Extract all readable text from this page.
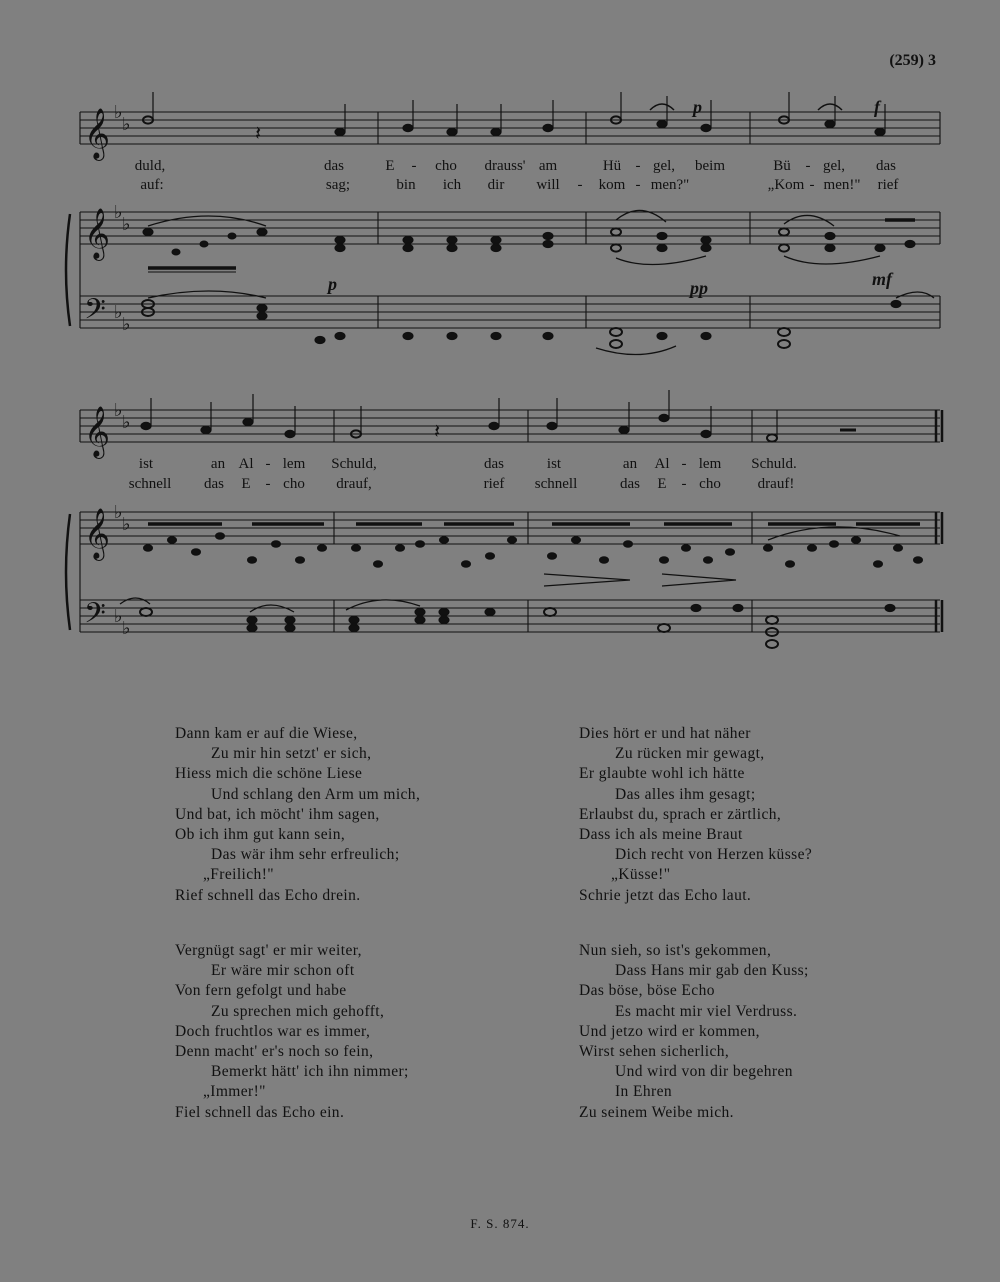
(259) 3
𝄞
𝄞
𝄢
♭
♭
♭
♭
♭
♭
𝄽
𝄞
𝄞
𝄢
♭
♭
♭
♭
♭
♭
𝄽
p	f
p	pp	mf
duld,	das	E - cho drauss' am	Hü - gel, beim	Bü - gel, das
auf:	sag;	bin ich dir will - kom - men?"	„Kom - men!" rief
ist	an Al - lem Schuld,	das	ist	an Al - lem Schuld.
schnell das E - cho drauf,	rief schnell	das E - cho drauf!

Dann kam er auf die Wiese,
Zu mir hin setzt' er sich,
Hiess mich die schöne Liese
Und schlang den Arm um mich,
Und bat, ich möcht' ihm sagen,
Ob ich ihm gut kann sein,
Das wär ihm sehr erfreulich;
„Freilich!"
Rief schnell das Echo drein.

Dies hört er und hat näher
Zu rücken mir gewagt,
Er glaubte wohl ich hätte
Das alles ihm gesagt;
Erlaubst du, sprach er zärtlich,
Dass ich als meine Braut
Dich recht von Herzen küsse?
„Küsse!"
Schrie jetzt das Echo laut.

Vergnügt sagt' er mir weiter,
Er wäre mir schon oft
Von fern gefolgt und habe
Zu sprechen mich gehofft,
Doch fruchtlos war es immer,
Denn macht' er's noch so fein,
Bemerkt hätt' ich ihn nimmer;
„Immer!"
Fiel schnell das Echo ein.

Nun sieh, so ist's gekommen,
Dass Hans mir gab den Kuss;
Das böse, böse Echo
Es macht mir viel Verdruss.
Und jetzo wird er kommen,
Wirst sehen sicherlich,
Und wird von dir begehren
In Ehren
Zu seinem Weibe mich.

F. S. 874.
